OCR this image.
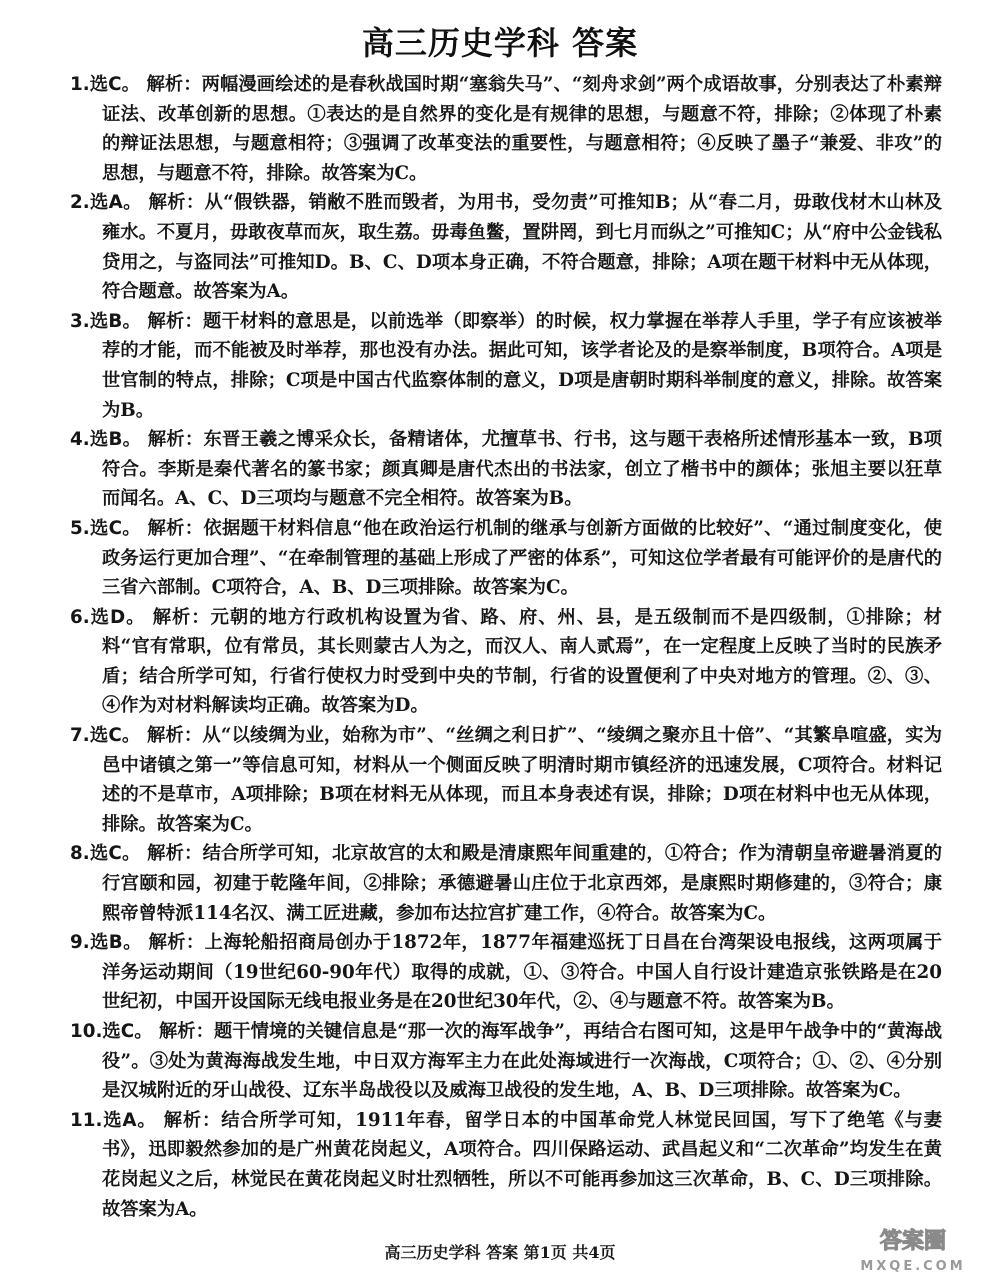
高三历史学科 答案

1.选C。 解析：两幅漫画绘述的是春秋战国时期“塞翁失马”、“刻舟求剑”两个成语故事，分别表达了朴素辩证法、改革创新的思想。①表达的是自然界的变化是有规律的思想，与题意不符，排除；②体现了朴素的辩证法思想，与题意相符；③强调了改革变法的重要性，与题意相符；④反映了墨子“兼爱、非攻”的思想，与题意不符，排除。故答案为C。

2.选A。 解析：从“假铁器，销敝不胜而毁者，为用书，受勿责”可推知B；从“春二月，毋敢伐材木山林及雍水。不夏月，毋敢夜草而灰，取生荔。毋毒鱼鳖，置阱罔，到七月而纵之”可推知C；从“府中公金钱私贷用之，与盗同法”可推知D。B、C、D项本身正确，不符合题意，排除；A项在题干材料中无从体现，符合题意。故答案为A。

3.选B。 解析：题干材料的意思是，以前选举（即察举）的时候，权力掌握在举荐人手里，学子有应该被举荐的才能，而不能被及时举荐，那也没有办法。据此可知，该学者论及的是察举制度，B项符合。A项是世官制的特点，排除；C项是中国古代监察体制的意义，D项是唐朝时期科举制度的意义，排除。故答案为B。

4.选B。 解析：东晋王羲之博采众长，备精诸体，尤擅草书、行书，这与题干表格所述情形基本一致，B项符合。李斯是秦代著名的篆书家；颜真卿是唐代杰出的书法家，创立了楷书中的颜体；张旭主要以狂草而闻名。A、C、D三项均与题意不完全相符。故答案为B。

5.选C。 解析：依据题干材料信息“他在政治运行机制的继承与创新方面做的比较好”、“通过制度变化，使政务运行更加合理”、“在牵制管理的基础上形成了严密的体系”，可知这位学者最有可能评价的是唐代的三省六部制。C项符合，A、B、D三项排除。故答案为C。

6.选D。 解析：元朝的地方行政机构设置为省、路、府、州、县，是五级制而不是四级制，①排除；材料“官有常职，位有常员，其长则蒙古人为之，而汉人、南人贰焉”，在一定程度上反映了当时的民族矛盾；结合所学可知，行省行使权力时受到中央的节制，行省的设置便利了中央对地方的管理。②、③、④作为对材料解读均正确。故答案为D。

7.选C。 解析：从“以绫绸为业，始称为市”、“丝绸之利日扩”、“绫绸之聚亦且十倍”、“其繁阜喧盛，实为邑中诸镇之第一”等信息可知，材料从一个侧面反映了明清时期市镇经济的迅速发展，C项符合。材料记述的不是草市，A项排除；B项在材料无从体现，而且本身表述有误，排除；D项在材料中也无从体现，排除。故答案为C。

8.选C。 解析：结合所学可知，北京故宫的太和殿是清康熙年间重建的，①符合；作为清朝皇帝避暑消夏的行宫颐和园，初建于乾隆年间，②排除；承德避暑山庄位于北京西郊，是康熙时期修建的，③符合；康熙帝曾特派114名汉、满工匠进藏，参加布达拉宫扩建工作，④符合。故答案为C。

9.选B。 解析：上海轮船招商局创办于1872年，1877年福建巡抚丁日昌在台湾架设电报线，这两项属于洋务运动期间（19世纪60-90年代）取得的成就，①、③符合。中国人自行设计建造京张铁路是在20世纪初，中国开设国际无线电报业务是在20世纪30年代，②、④与题意不符。故答案为B。

10.选C。 解析：题干情境的关键信息是“那一次的海军战争”，再结合右图可知，这是甲午战争中的“黄海战役”。③处为黄海海战发生地，中日双方海军主力在此处海域进行一次海战，C项符合；①、②、④分别是汉城附近的牙山战役、辽东半岛战役以及威海卫战役的发生地，A、B、D三项排除。故答案为C。

11.选A。 解析：结合所学可知，1911年春，留学日本的中国革命党人林觉民回国，写下了绝笔《与妻书》，迅即毅然参加的是广州黄花岗起义，A项符合。四川保路运动、武昌起义和“二次革命”均发生在黄花岗起义之后，林觉民在黄花岗起义时壮烈牺牲，所以不可能再参加这三次革命，B、C、D三项排除。故答案为A。

高三历史学科 答案 第1页 共4页	答案圈
MXQE.COM
